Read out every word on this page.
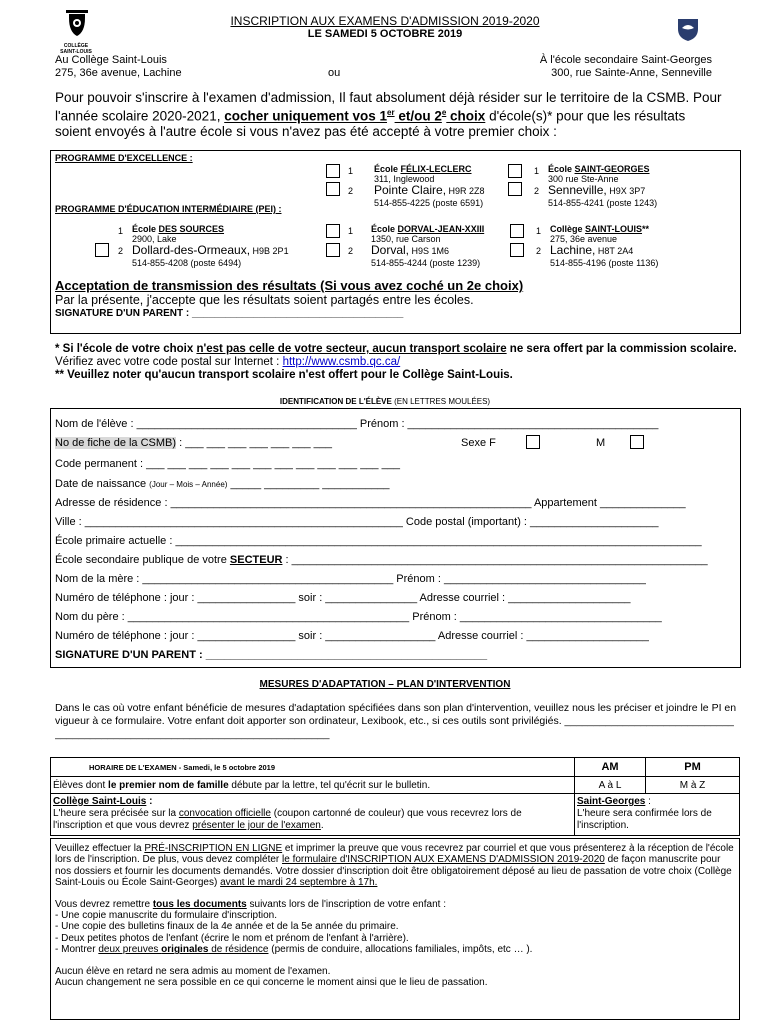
COLLÈGE SAINT-LOUIS
INSCRIPTION AUX EXAMENS D'ADMISSION 2019-2020
LE SAMEDI 5 OCTOBRE 2019
Au Collège Saint-Louis
275, 36e avenue, Lachine	ou
À l'école secondaire Saint-Georges
300, rue Sainte-Anne, Senneville
Pour pouvoir s'inscrire à l'examen d'admission, Il faut absolument déjà résider sur le territoire de la CSMB. Pour l'année scolaire 2020-2021, cocher uniquement vos 1er et/ou 2e choix d'école(s)* pour que les résultats soient envoyés à l'autre école si vous n'avez pas été accepté à votre premier choix :
PROGRAMME D'EXCELLENCE :
PROGRAMME D'ÉDUCATION INTERMÉDIAIRE (PEI) :
1
2
École FÉLIX-LECLERC
311, Inglewood
Pointe Claire, H9R 2Z8
514-855-4225 (poste 6591)
1
2
École SAINT-GEORGES
300 rue Ste-Anne
Senneville, H9X 3P7
514-855-4241 (poste 1243)
1
2
École DES SOURCES
2900, Lake
Dollard-des-Ormeaux, H9B 2P1
514-855-4208 (poste 6494)
1
2
École DORVAL-JEAN-XXIII
1350, rue Carson
Dorval, H9S 1M6
514-855-4244 (poste 1239)
1
2
Collège SAINT-LOUIS**
275, 36e avenue
Lachine, H8T 2A4
514-855-4196 (poste 1136)
Acceptation de transmission des résultats (Si vous avez coché un 2e choix)
Par la présente, j'accepte que les résultats soient partagés entre les écoles.
SIGNATURE D'UN PARENT : ______________________________________
* Si l'école de votre choix n'est pas celle de votre secteur, aucun transport scolaire ne sera offert par la commission scolaire. Vérifiez avec votre code postal sur Internet : http://www.csmb.qc.ca/
** Veuillez noter qu'aucun transport scolaire n'est offert pour le Collège Saint-Louis.
IDENTIFICATION DE L'ÉLÈVE (EN LETTRES MOULÉES)
Nom de l'élève : ____________________________________ Prénom : _________________________________________
No de fiche de la CSMB) : ___ ___ ___ ___ ___ ___ ___	Sexe F	M
Code permanent : ___ ___ ___ ___ ___ ___ ___ ___ ___ ___ ___ ___
Date de naissance (Jour – Mois – Année) _____ _________ ___________
Adresse de résidence : ___________________________________________________________ Appartement ______________
Ville : ____________________________________________________ Code postal (important) : _____________________
École primaire actuelle : ______________________________________________________________________________________
École secondaire publique de votre SECTEUR : ____________________________________________________________________
Nom de la mère : _________________________________________ Prénom : _________________________________
Numéro de téléphone : jour : ________________ soir : _______________ Adresse courriel : ____________________
Nom du père : ______________________________________________ Prénom : _________________________________
Numéro de téléphone : jour : ________________ soir : __________________ Adresse courriel : ____________________
SIGNATURE D'UN PARENT : ______________________________________________
MESURES D'ADAPTATION – PLAN D'INTERVENTION
Dans le cas où votre enfant bénéficie de mesures d'adaptation spécifiées dans son plan d'intervention, veuillez nous les préciser et joindre le PI en vigueur à ce formulaire. Votre enfant doit apporter son ordinateur, Lexibook, etc., si ces outils sont privilégiés. ____________________________________________________________________________
HORAIRE DE L'EXAMEN - Samedi, le 5 octobre 2019	AM	PM
Élèves dont le premier nom de famille débute par la lettre, tel qu'écrit sur le bulletin.	A à L	M à Z
Collège Saint-Louis :
L'heure sera précisée sur la convocation officielle (coupon cartonné de couleur) que vous recevrez lors de l'inscription et que vous devrez présenter le jour de l'examen.	Saint-Georges :
L'heure sera confirmée lors de l'inscription.	
Veuillez effectuer la PRÉ-INSCRIPTION EN LIGNE et imprimer la preuve que vous recevrez par courriel et que vous présenterez à la réception de l'école lors de l'inscription. De plus, vous devez compléter le formulaire d'INSCRIPTION AUX EXAMENS D'ADMISSION 2019-2020 de façon manuscrite pour nos dossiers et fournir les documents demandés. Votre dossier d'inscription doit être obligatoirement déposé au lieu de passation de votre choix (Collège Saint-Louis ou École Saint-Georges) avant le mardi 24 septembre à 17h.
Vous devrez remettre tous les documents suivants lors de l'inscription de votre enfant :
- Une copie manuscrite du formulaire d'inscription.
- Une copie des bulletins finaux de la 4e année et de la 5e année du primaire.
- Deux petites photos de l'enfant (écrire le nom et prénom de l'enfant à l'arrière).
- Montrer deux preuves originales de résidence (permis de conduire, allocations familiales, impôts, etc … ).
Aucun élève en retard ne sera admis au moment de l'examen.
Aucun changement ne sera possible en ce qui concerne le moment ainsi que le lieu de passation.
